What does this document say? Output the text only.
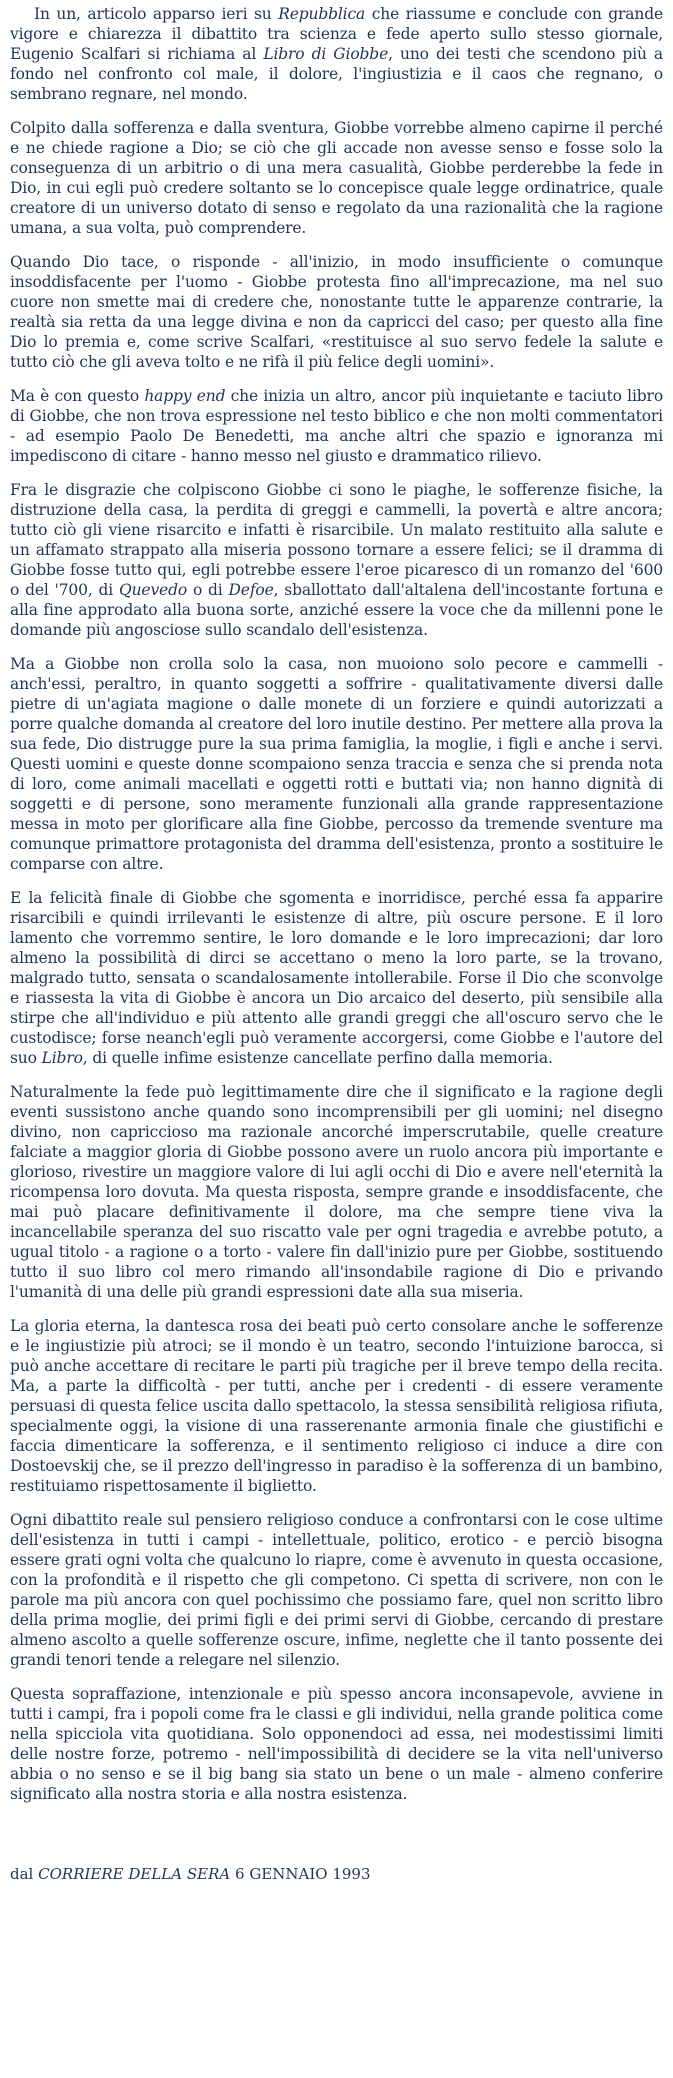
In un, articolo apparso ieri su Repubblica che riassume e conclude con grande vigore e chiarezza il dibattito tra scienza e fede aperto sullo stesso giornale, Eugenio Scalfari si richiama al Libro di Giobbe, uno dei testi che scendono più a fondo nel confronto col male, il dolore, l'ingiustizia e il caos che regnano, o sembrano regnare, nel mondo.

Colpito dalla sofferenza e dalla sventura, Giobbe vorrebbe almeno capirne il perché e ne chiede ragione a Dio; se ciò che gli accade non avesse senso e fosse solo la conseguenza di un arbitrio o di una mera casualità, Giobbe perderebbe la fede in Dio, in cui egli può credere soltanto se lo concepisce quale legge ordinatrice, quale creatore di un universo dotato di senso e regolato da una razionalità che la ragione umana, a sua volta, può comprendere.

Quando Dio tace, o risponde - all'inizio, in modo insufficiente o comunque insoddisfacente per l'uomo - Giobbe protesta fino all'imprecazione, ma nel suo cuore non smette mai di credere che, nonostante tutte le apparenze contrarie, la realtà sia retta da una legge divina e non da capricci del caso; per questo alla fine Dio lo premia e, come scrive Scalfari, «restituisce al suo servo fedele la salute e tutto ciò che gli aveva tolto e ne rifà il più felice degli uomini».

Ma è con questo happy end che inizia un altro, ancor più inquietante e taciuto libro di Giobbe, che non trova espressione nel testo biblico e che non molti commentatori - ad esempio Paolo De Benedetti, ma anche altri che spazio e ignoranza mi impediscono di citare - hanno messo nel giusto e drammatico rilievo.

Fra le disgrazie che colpiscono Giobbe ci sono le piaghe, le sofferenze fisiche, la distruzione della casa, la perdita di greggi e cammelli, la povertà e altre ancora; tutto ciò gli viene risarcito e infatti è risarcibile. Un malato restituito alla salute e un affamato strappato alla miseria possono tornare a essere felici; se il dramma di Giobbe fosse tutto qui, egli potrebbe essere l'eroe picaresco di un romanzo del '600 o del '700, di Quevedo o di Defoe, sballottato dall'altalena dell'incostante fortuna e alla fine approdato alla buona sorte, anziché essere la voce che da millenni pone le domande più angosciose sullo scandalo dell'esistenza.

Ma a Giobbe non crolla solo la casa, non muoiono solo pecore e cammelli - anch'essi, peraltro, in quanto soggetti a soffrire - qualitativamente diversi dalle pietre di un'agiata magione o dalle monete di un forziere e quindi autorizzati a porre qualche domanda al creatore del loro inutile destino. Per mettere alla prova la sua fede, Dio distrugge pure la sua prima famiglia, la moglie, i figli e anche i servi. Questi uomini e queste donne scompaiono senza traccia e senza che si prenda nota di loro, come animali macellati e oggetti rotti e buttati via; non hanno dignità di soggetti e di persone, sono meramente funzionali alla grande rappresentazione messa in moto per glorificare alla fine Giobbe, percosso da tremende sventure ma comunque primattore protagonista del dramma dell'esistenza, pronto a sostituire le comparse con altre.

E la felicità finale di Giobbe che sgomenta e inorridisce, perché essa fa apparire risarcibili e quindi irrilevanti le esistenze di altre, più oscure persone. E il loro lamento che vorremmo sentire, le loro domande e le loro imprecazioni; dar loro almeno la possibilità di dirci se accettano o meno la loro parte, se la trovano, malgrado tutto, sensata o scandalosamente intollerabile. Forse il Dio che sconvolge e riassesta la vita di Giobbe è ancora un Dio arcaico del deserto, più sensibile alla stirpe che all'individuo e più attento alle grandi greggi che all'oscuro servo che le custodisce; forse neanch'egli può veramente accorgersi, come Giobbe e l'autore del suo Libro, di quelle infime esistenze cancellate perfino dalla memoria.

Naturalmente la fede può legittimamente dire che il significato e la ragione degli eventi sussistono anche quando sono incomprensibili per gli uomini; nel disegno divino, non capriccioso ma razionale ancorché imperscrutabile, quelle creature falciate a maggior gloria di Giobbe possono avere un ruolo ancora più importante e glorioso, rivestire un maggiore valore di lui agli occhi di Dio e avere nell'eternità la ricompensa loro dovuta. Ma questa risposta, sempre grande e insoddisfacente, che mai può placare definitivamente il dolore, ma che sempre tiene viva la incancellabile speranza del suo riscatto vale per ogni tragedia e avrebbe potuto, a ugual titolo - a ragione o a torto - valere fin dall'inizio pure per Giobbe, sostituendo tutto il suo libro col mero rimando all'insondabile ragione di Dio e privando l'umanità di una delle più grandi espressioni date alla sua miseria.

La gloria eterna, la dantesca rosa dei beati può certo consolare anche le sofferenze e le ingiustizie più atroci; se il mondo è un teatro, secondo l'intuizione barocca, si può anche accettare di recitare le parti più tragiche per il breve tempo della recita. Ma, a parte la difficoltà - per tutti, anche per i credenti - di essere veramente persuasi di questa felice uscita dallo spettacolo, la stessa sensibilità religiosa rifiuta, specialmente oggi, la visione di una rasserenante armonia finale che giustifichi e faccia dimenticare la sofferenza, e il sentimento religioso ci induce a dire con Dostoevskij che, se il prezzo dell'ingresso in paradiso è la sofferenza di un bambino, restituiamo rispettosamente il biglietto.

Ogni dibattito reale sul pensiero religioso conduce a confrontarsi con le cose ultime dell'esistenza in tutti i campi - intellettuale, politico, erotico - e perciò bisogna essere grati ogni volta che qualcuno lo riapre, come è avvenuto in questa occasione, con la profondità e il rispetto che gli competono. Ci spetta di scrivere, non con le parole ma più ancora con quel pochissimo che possiamo fare, quel non scritto libro della prima moglie, dei primi figli e dei primi servi di Giobbe, cercando di prestare almeno ascolto a quelle sofferenze oscure, infime, neglette che il tanto possente dei grandi tenori tende a relegare nel silenzio.

Questa sopraffazione, intenzionale e più spesso ancora inconsapevole, avviene in tutti i campi, fra i popoli come fra le classi e gli individui, nella grande politica come nella spicciola vita quotidiana. Solo opponendoci ad essa, nei modestissimi limiti delle nostre forze, potremo - nell'impossibilità di decidere se la vita nell'universo abbia o no senso e se il big bang sia stato un bene o un male - almeno conferire significato alla nostra storia e alla nostra esistenza.

dal CORRIERE DELLA SERA 6 GENNAIO 1993
